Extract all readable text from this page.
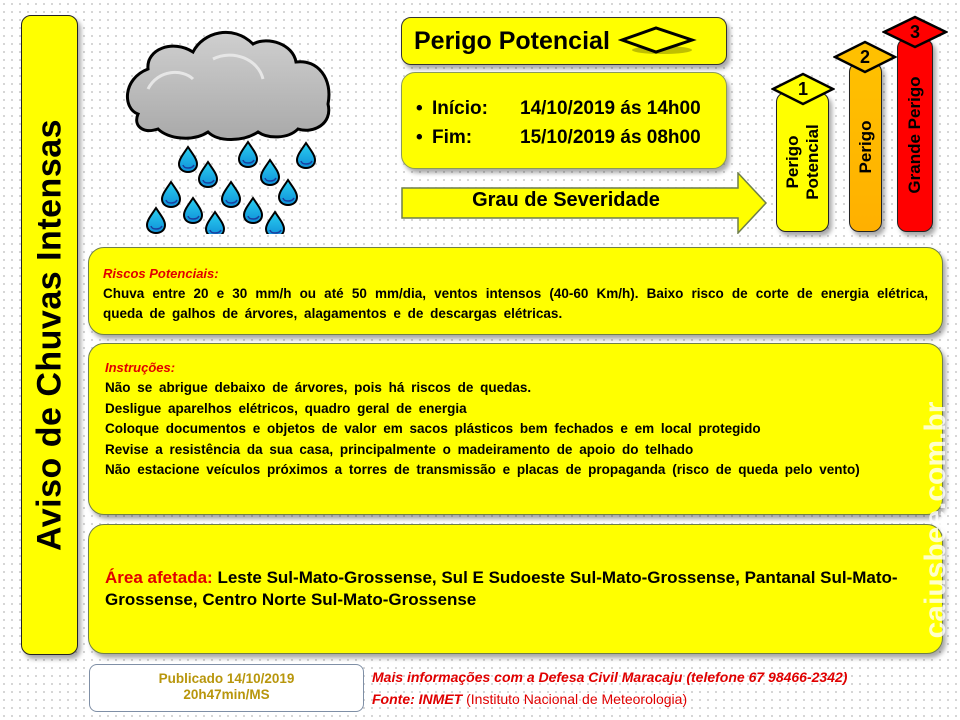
Aviso de Chuvas Intensas
Perigo Potencial
• Início:	14/10/2019 ás 14h00
• Fim:	15/10/2019 ás 08h00
Grau de Severidade
Perigo Potencial
1
Perigo
2
Grande Perigo
3
Riscos Potenciais:
Chuva entre 20 e 30 mm/h ou até 50 mm/dia, ventos intensos (40-60 Km/h). Baixo risco de corte de energia elétrica, queda de galhos de árvores, alagamentos e de descargas elétricas.
Instruções:
Não se abrigue debaixo de árvores, pois há riscos de quedas.
Desligue aparelhos elétricos, quadro geral de energia
Coloque documentos e objetos de valor em sacos plásticos bem fechados e em local protegido
Revise a resistência da sua casa, principalmente o madeiramento de apoio do telhado
Não estacione veículos próximos a torres de transmissão e placas de propaganda (risco de queda pelo vento)
Área afetada: Leste Sul-Mato-Grossense, Sul E Sudoeste Sul-Mato-Grossense, Pantanal Sul-Mato-Grossense, Centro Norte Sul-Mato-Grossense
Publicado 14/10/2019
20h47min/MS
Mais informações com a Defesa Civil Maracaju (telefone 67 98466-2342)
Fonte: INMET (Instituto Nacional de Meteorologia)
caiusbee.com.br
